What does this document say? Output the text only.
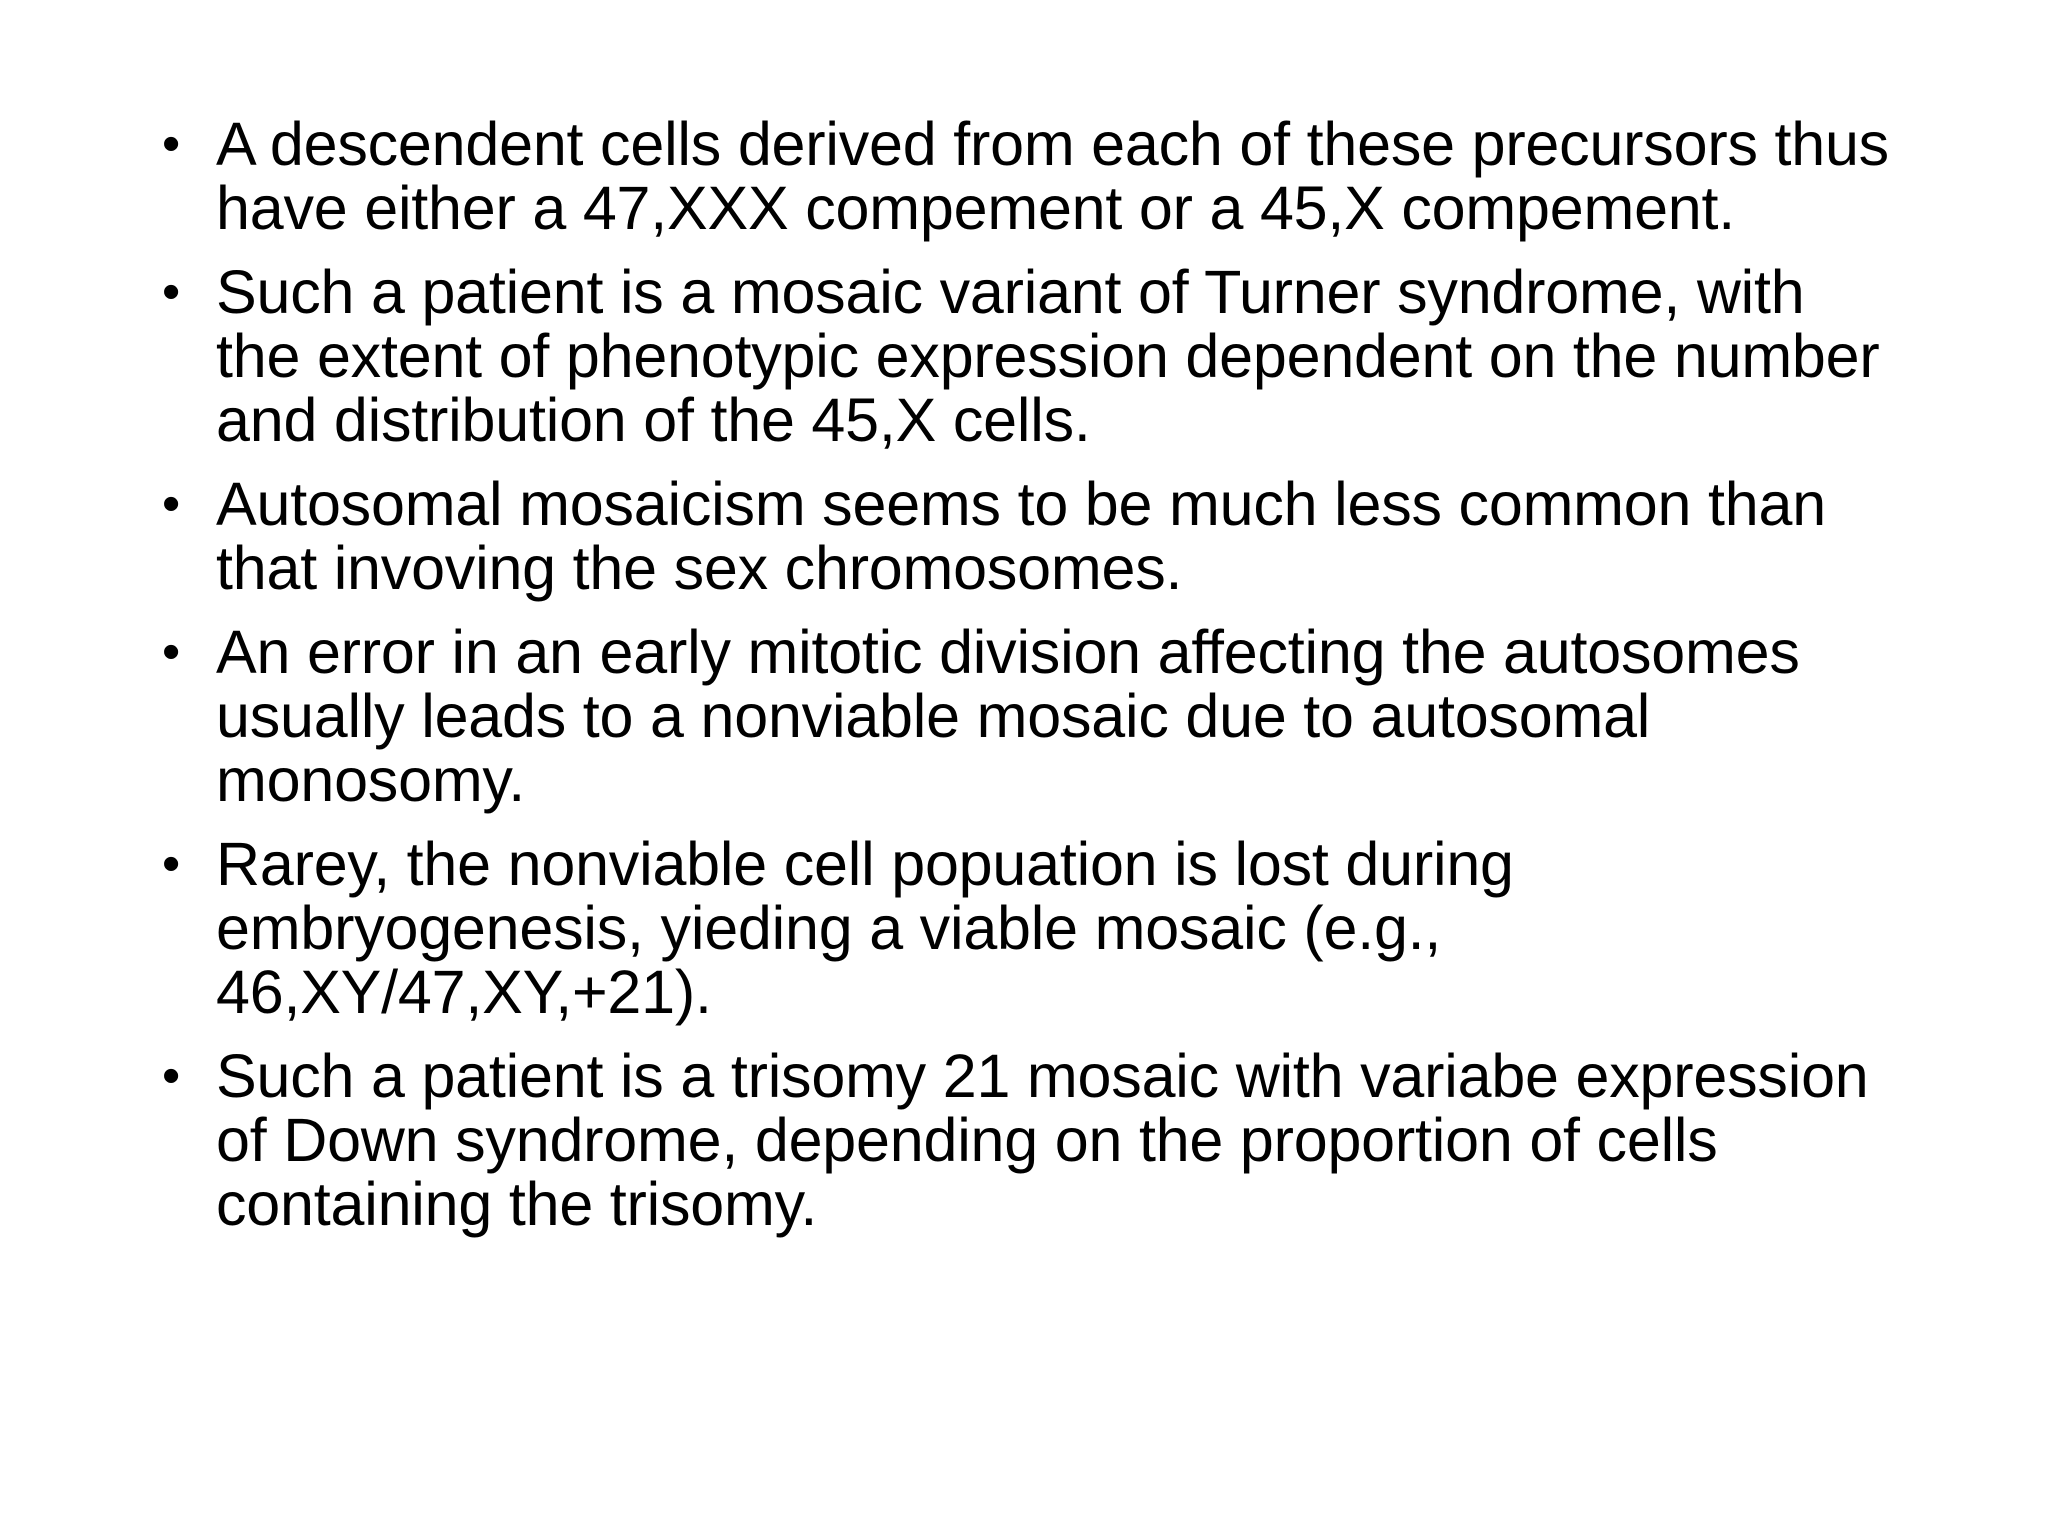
• A descendent cells derived from each of these precursors thus have either a 47,XXX compement or a 45,X compement.
• Such a patient is a mosaic variant of Turner syndrome, with the extent of phenotypic expression dependent on the number and distribution of the 45,X cells.
• Autosomal mosaicism seems to be much less common than that invoving the sex chromosomes.
• An error in an early mitotic division affecting the autosomes usually leads to a nonviable mosaic due to autosomal monosomy.
• Rarey, the nonviable cell popuation is lost during embryogenesis, yieding a viable mosaic (e.g., 46,XY/47,XY,+21).
• Such a patient is a trisomy 21 mosaic with variabe expression of Down syndrome, depending on the proportion of cells containing the trisomy.
